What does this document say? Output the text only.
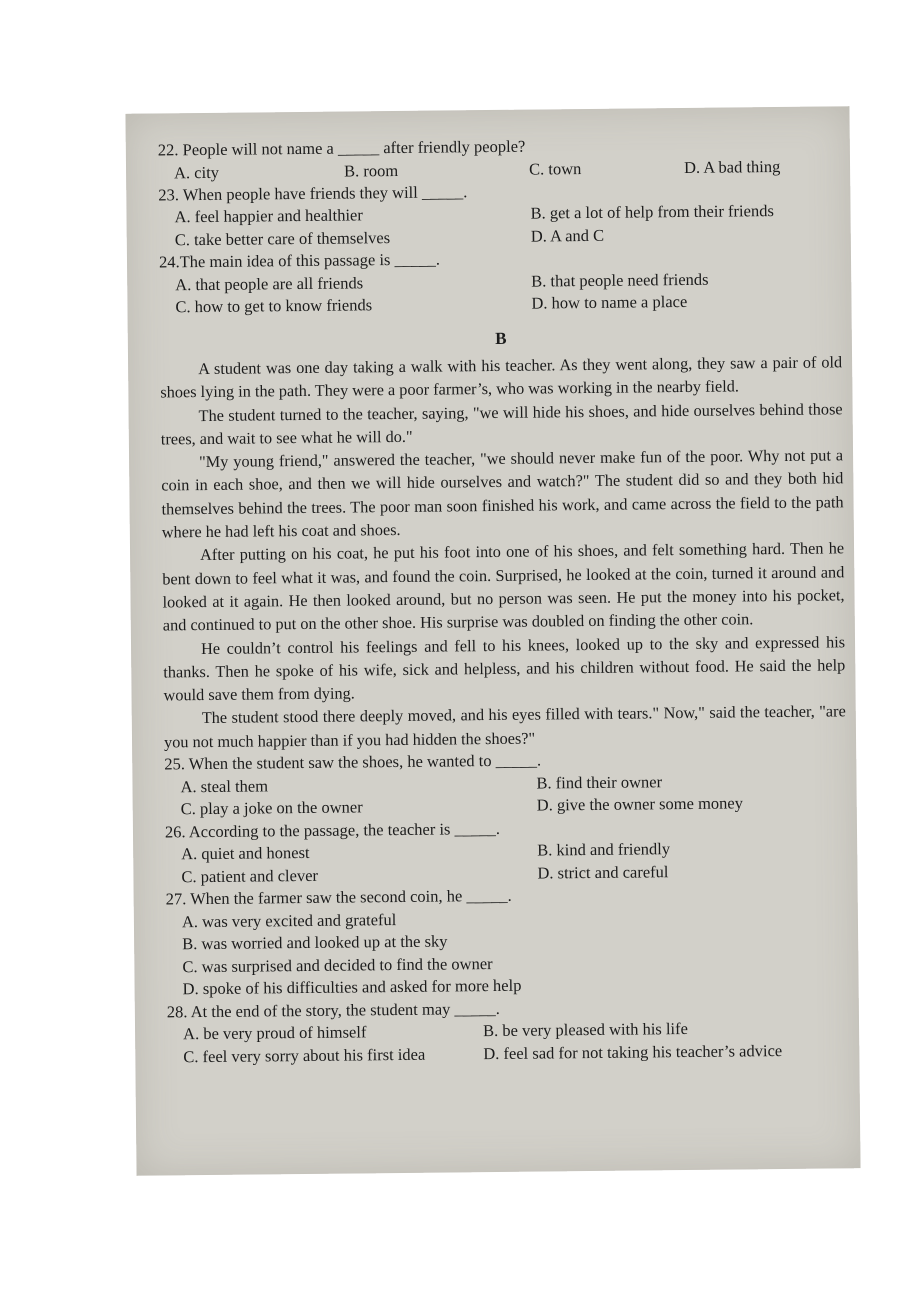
22. People will not name a _____ after friendly people?

A. city	B. room	C. town	D. A bad thing

23. When people have friends they will _____.

A. feel happier and healthier	B. get a lot of help from their friends

C. take better care of themselves	D. A and C

24.The main idea of this passage is _____.

A. that people are all friends	B. that people need friends

C. how to get to know friends	D. how to name a place

B

A student was one day taking a walk with his teacher. As they went along, they saw a pair of old shoes lying in the path. They were a poor farmer’s, who was working in the nearby field.

The student turned to the teacher, saying, "we will hide his shoes, and hide ourselves behind those trees, and wait to see what he will do."

"My young friend," answered the teacher, "we should never make fun of the poor. Why not put a coin in each shoe, and then we will hide ourselves and watch?" The student did so and they both hid themselves behind the trees. The poor man soon finished his work, and came across the field to the path where he had left his coat and shoes.

After putting on his coat, he put his foot into one of his shoes, and felt something hard. Then he bent down to feel what it was, and found the coin. Surprised, he looked at the coin, turned it around and looked at it again. He then looked around, but no person was seen. He put the money into his pocket, and continued to put on the other shoe. His surprise was doubled on finding the other coin.

He couldn’t control his feelings and fell to his knees, looked up to the sky and expressed his thanks. Then he spoke of his wife, sick and helpless, and his children without food. He said the help would save them from dying.

The student stood there deeply moved, and his eyes filled with tears." Now," said the teacher, "are you not much happier than if you had hidden the shoes?"

25. When the student saw the shoes, he wanted to _____.

A. steal them	B. find their owner

C. play a joke on the owner	D. give the owner some money

26. According to the passage, the teacher is _____.

A. quiet and honest	B. kind and friendly

C. patient and clever	D. strict and careful

27. When the farmer saw the second coin, he _____.

A. was very excited and grateful

B. was worried and looked up at the sky

C. was surprised and decided to find the owner

D. spoke of his difficulties and asked for more help

28. At the end of the story, the student may _____.

A. be very proud of himself	B. be very pleased with his life

C. feel very sorry about his first idea	D. feel sad for not taking his teacher’s advice
